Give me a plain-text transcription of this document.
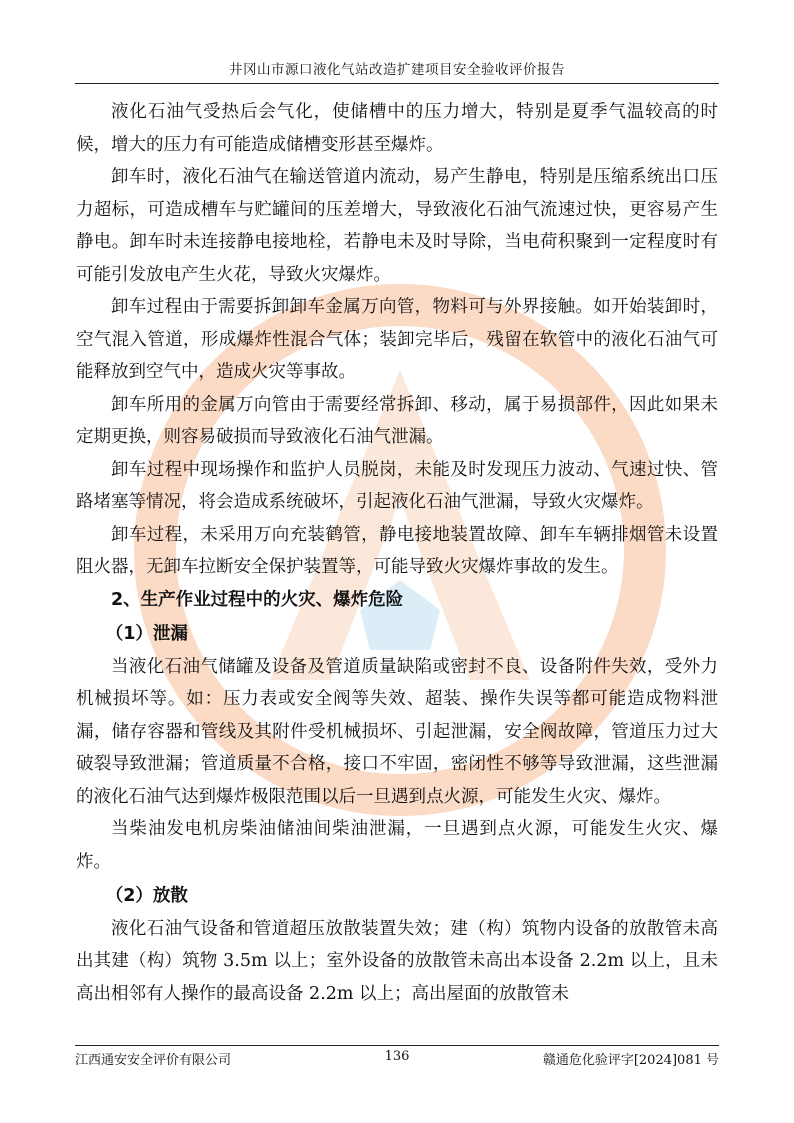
井冈山市源口液化气站改造扩建项目安全验收评价报告

液化石油气受热后会气化，使储槽中的压力增大，特别是夏季气温较高的时候，增大的压力有可能造成储槽变形甚至爆炸。

卸车时，液化石油气在输送管道内流动，易产生静电，特别是压缩系统出口压力超标，可造成槽车与贮罐间的压差增大，导致液化石油气流速过快，更容易产生静电。卸车时未连接静电接地栓，若静电未及时导除，当电荷积聚到一定程度时有可能引发放电产生火花，导致火灾爆炸。

卸车过程由于需要拆卸卸车金属万向管，物料可与外界接触。如开始装卸时，空气混入管道，形成爆炸性混合气体；装卸完毕后，残留在软管中的液化石油气可能释放到空气中，造成火灾等事故。

卸车所用的金属万向管由于需要经常拆卸、移动，属于易损部件，因此如果未定期更换，则容易破损而导致液化石油气泄漏。

卸车过程中现场操作和监护人员脱岗，未能及时发现压力波动、气速过快、管路堵塞等情况，将会造成系统破坏，引起液化石油气泄漏，导致火灾爆炸。

卸车过程，未采用万向充装鹤管，静电接地装置故障、卸车车辆排烟管未设置阻火器，无卸车拉断安全保护装置等，可能导致火灾爆炸事故的发生。

2、生产作业过程中的火灾、爆炸危险

（1）泄漏

当液化石油气储罐及设备及管道质量缺陷或密封不良、设备附件失效，受外力机械损坏等。如：压力表或安全阀等失效、超装、操作失误等都可能造成物料泄漏，储存容器和管线及其附件受机械损坏、引起泄漏，安全阀故障，管道压力过大破裂导致泄漏；管道质量不合格，接口不牢固，密闭性不够等导致泄漏，这些泄漏的液化石油气达到爆炸极限范围以后一旦遇到点火源，可能发生火灾、爆炸。

当柴油发电机房柴油储油间柴油泄漏，一旦遇到点火源，可能发生火灾、爆炸。

（2）放散

液化石油气设备和管道超压放散装置失效；建（构）筑物内设备的放散管未高出其建（构）筑物 3.5m 以上；室外设备的放散管未高出本设备 2.2m 以上，且未高出相邻有人操作的最高设备 2.2m 以上；高出屋面的放散管未

江西通安安全评价有限公司	136	赣通危化验评字[2024]081 号
